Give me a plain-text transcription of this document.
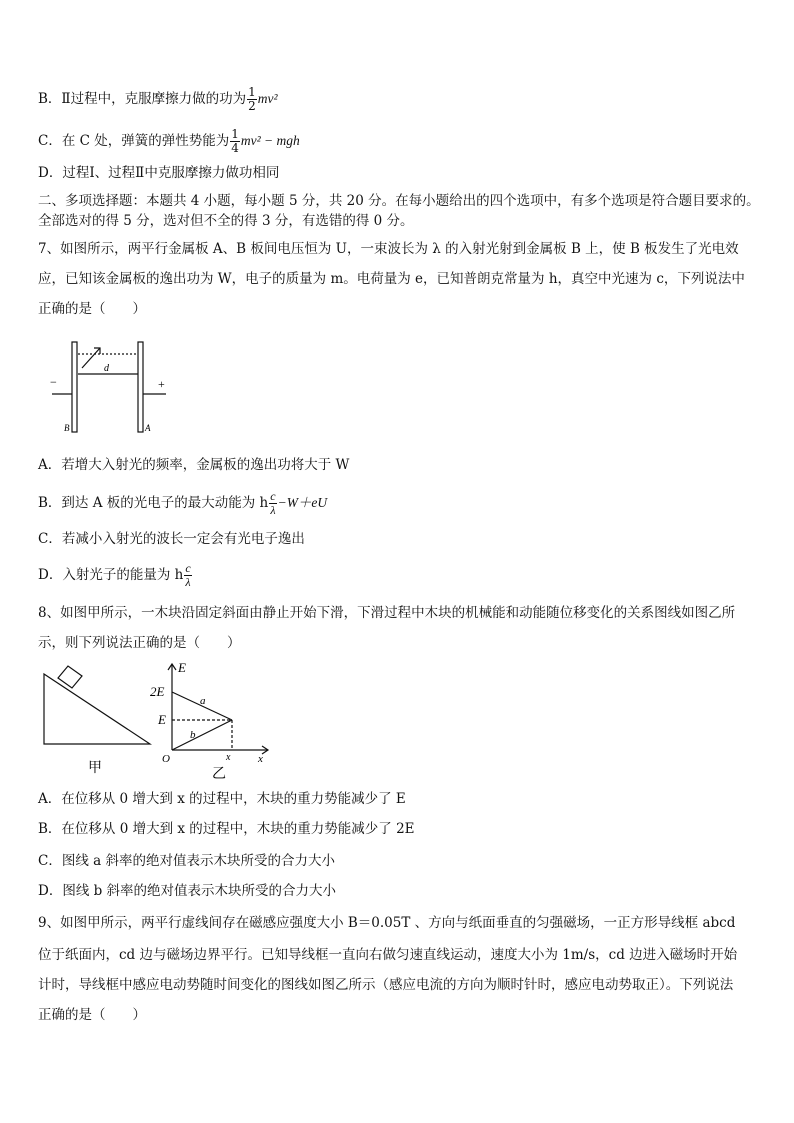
B．Ⅱ过程中，克服摩擦力做的功为 $\frac{1}{2} mv^2$
C．在 C 处，弹簧的弹性势能为 $\frac{1}{4} mv^2$ − mgh
D．过程Ⅰ、过程Ⅱ中克服摩擦力做功相同
二、多项选择题：本题共 4 小题，每小题 5 分，共 20 分。在每小题给出的四个选项中，有多个选项是符合题目要求的。
全部选对的得 5 分，选对但不全的得 3 分，有选错的得 0 分。
7、如图所示，两平行金属板 A、B 板间电压恒为 U，一束波长为 λ 的入射光射到金属板 B 上，使 B 板发生了光电效
应，已知该金属板的逸出功为 W，电子的质量为 m。电荷量为 e，已知普朗克常量为 h，真空中光速为 c，下列说法中
正确的是（　　）
−	+
d
B	A
A．若增大入射光的频率，金属板的逸出功将大于 W
B．到达 A 板的光电子的最大动能为 h $\frac{c}{\lambda} -W+eU$
C．若减小入射光的波长一定会有光电子逸出
D．入射光子的能量为 h $\frac{c}{\lambda}$
8、如图甲所示，一木块沿固定斜面由静止开始下滑，下滑过程中木块的机械能和动能随位移变化的关系图线如图乙所
示，则下列说法正确的是（　　）
E
2E
E
O	x	x
a
b
甲	乙
A．在位移从 0 增大到 x 的过程中，木块的重力势能减少了 E
B．在位移从 0 增大到 x 的过程中，木块的重力势能减少了 2E
C．图线 a 斜率的绝对值表示木块所受的合力大小
D．图线 b 斜率的绝对值表示木块所受的合力大小
9、如图甲所示，两平行虚线间存在磁感应强度大小 B＝0.05T 、方向与纸面垂直的匀强磁场，一正方形导线框 abcd
位于纸面内，cd 边与磁场边界平行。已知导线框一直向右做匀速直线运动，速度大小为 1m/s，cd 边进入磁场时开始
计时，导线框中感应电动势随时间变化的图线如图乙所示（感应电流的方向为顺时针时，感应电动势取正）。下列说法
正确的是（　　）
